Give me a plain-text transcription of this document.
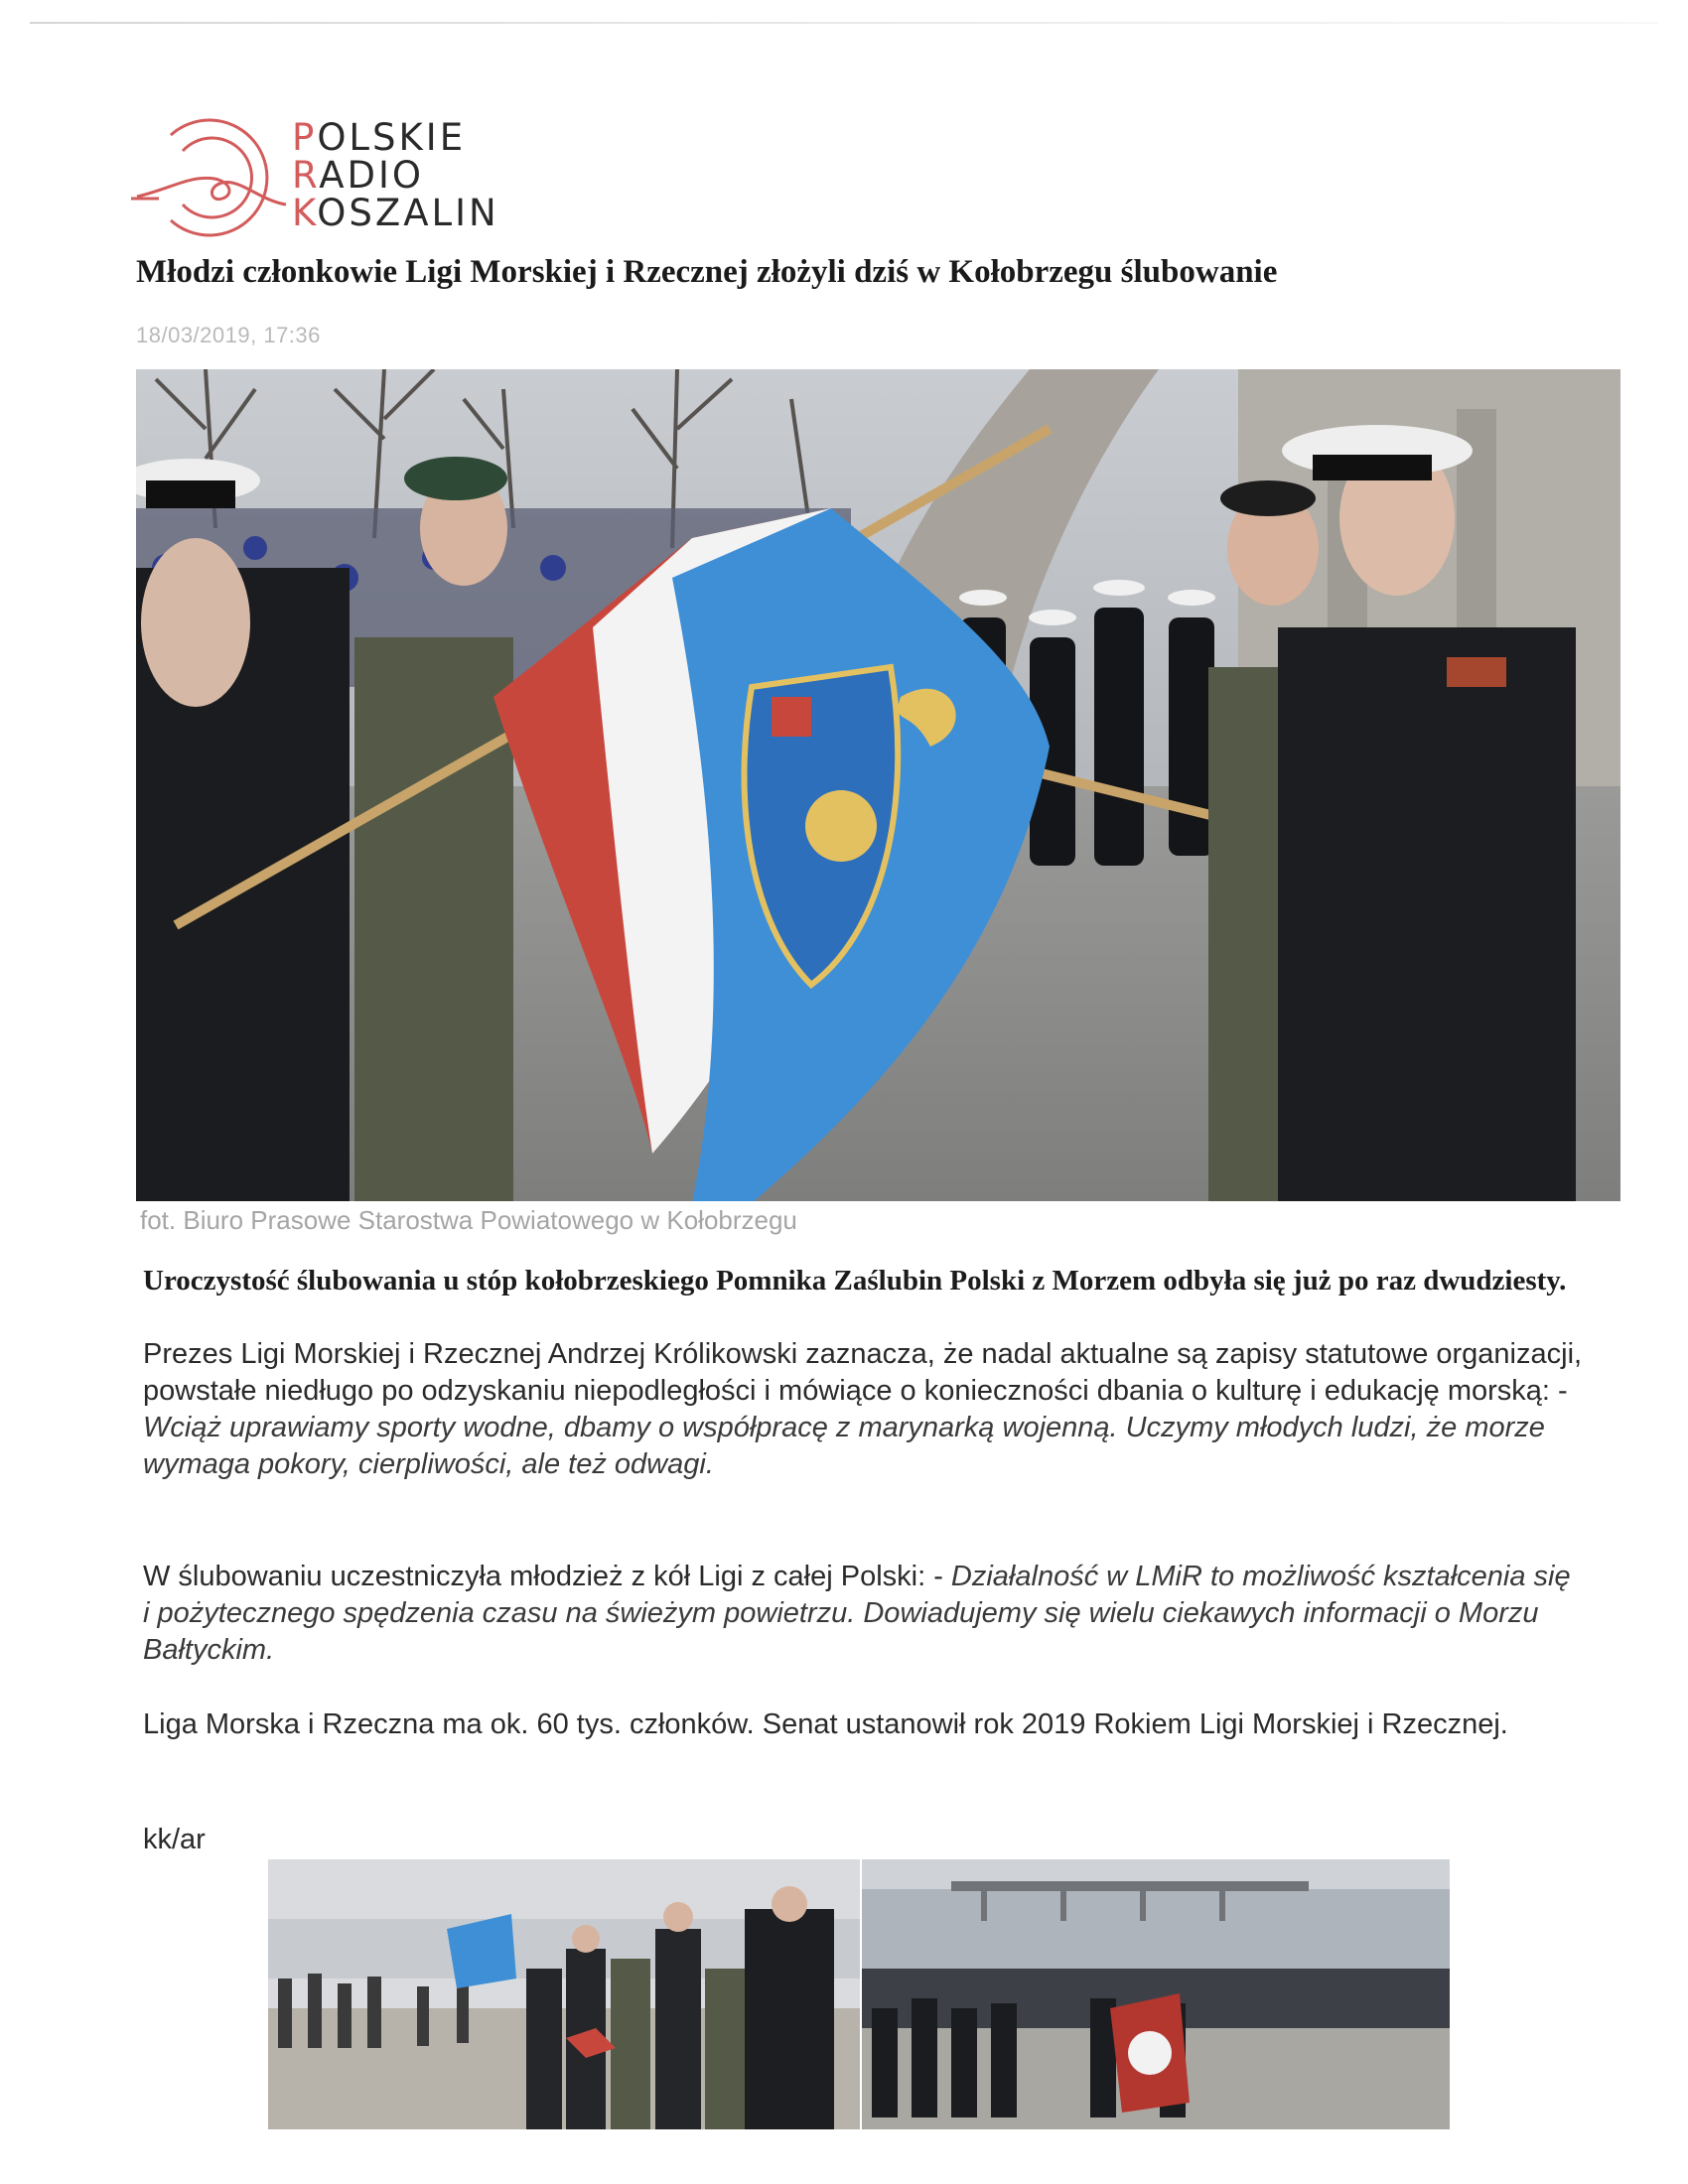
POLSKIE
RADIO
KOSZALIN
Młodzi członkowie Ligi Morskiej i Rzecznej złożyli dziś w Kołobrzegu ślubowanie
18/03/2019, 17:36
fot. Biuro Prasowe Starostwa Powiatowego w Kołobrzegu

Uroczystość ślubowania u stóp kołobrzeskiego Pomnika Zaślubin Polski z Morzem odbyła się już po raz dwudziesty.

Prezes Ligi Morskiej i Rzecznej Andrzej Królikowski zaznacza, że nadal aktualne są zapisy statutowe organizacji, powstałe niedługo po odzyskaniu niepodległości i mówiące o konieczności dbania o kulturę i edukację morską: - Wciąż uprawiamy sporty wodne, dbamy o współpracę z marynarką wojenną. Uczymy młodych ludzi, że morze wymaga pokory, cierpliwości, ale też odwagi.

W ślubowaniu uczestniczyła młodzież z kół Ligi z całej Polski: - Działalność w LMiR to możliwość kształcenia się i pożytecznego spędzenia czasu na świeżym powietrzu. Dowiadujemy się wielu ciekawych informacji o Morzu Bałtyckim.

Liga Morska i Rzeczna ma ok. 60 tys. członków. Senat ustanowił rok 2019 Rokiem Ligi Morskiej i Rzecznej.

kk/ar
